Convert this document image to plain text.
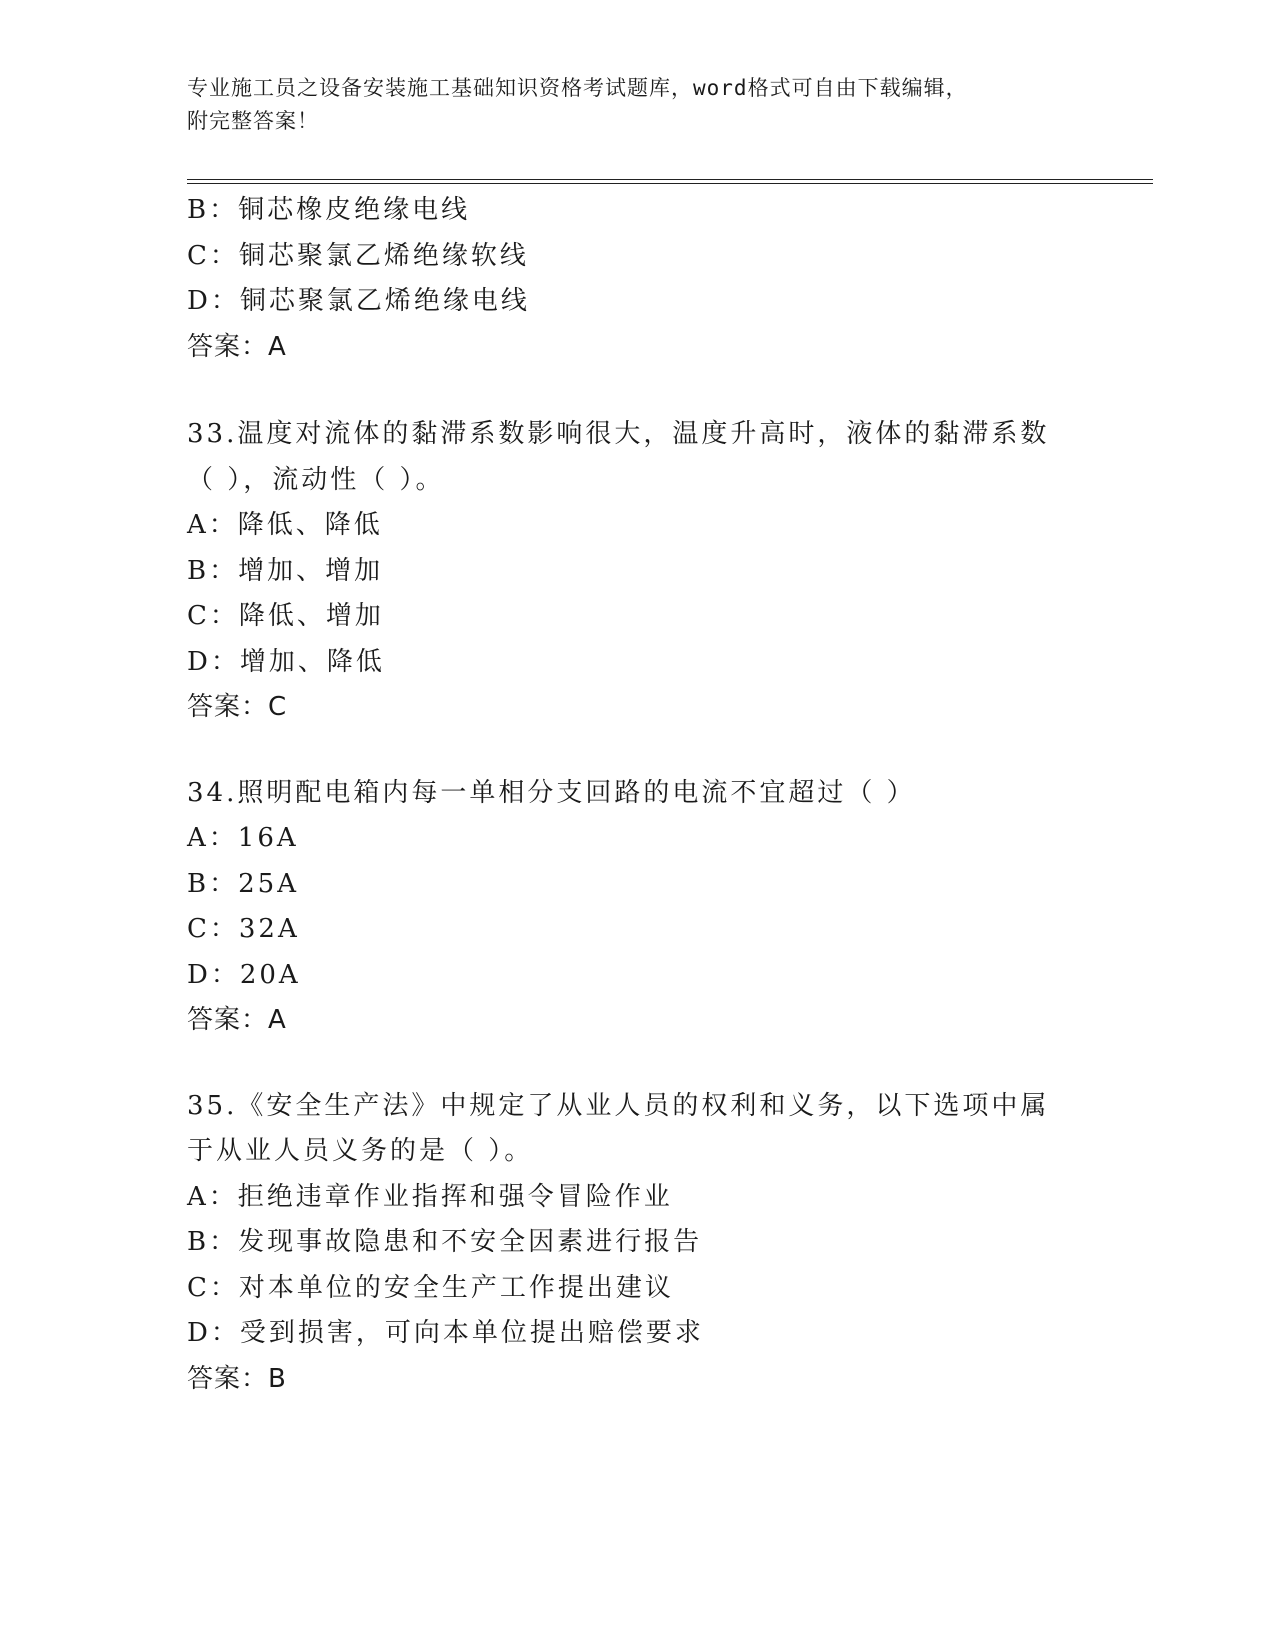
专业施工员之设备安装施工基础知识资格考试题库，word格式可自由下载编辑，
附完整答案！
B：铜芯橡皮绝缘电线
C：铜芯聚氯乙烯绝缘软线
D：铜芯聚氯乙烯绝缘电线
答案：A
33.温度对流体的黏滞系数影响很大，温度升高时，液体的黏滞系数（ ），流动性（ ）。
A：降低、降低
B：增加、增加
C：降低、增加
D：增加、降低
答案：C
34.照明配电箱内每一单相分支回路的电流不宜超过（ ）
A：16A
B：25A
C：32A
D：20A
答案：A
35.《安全生产法》中规定了从业人员的权利和义务，以下选项中属于从业人员义务的是（ ）。
A：拒绝违章作业指挥和强令冒险作业
B：发现事故隐患和不安全因素进行报告
C：对本单位的安全生产工作提出建议
D：受到损害，可向本单位提出赔偿要求
答案：B
